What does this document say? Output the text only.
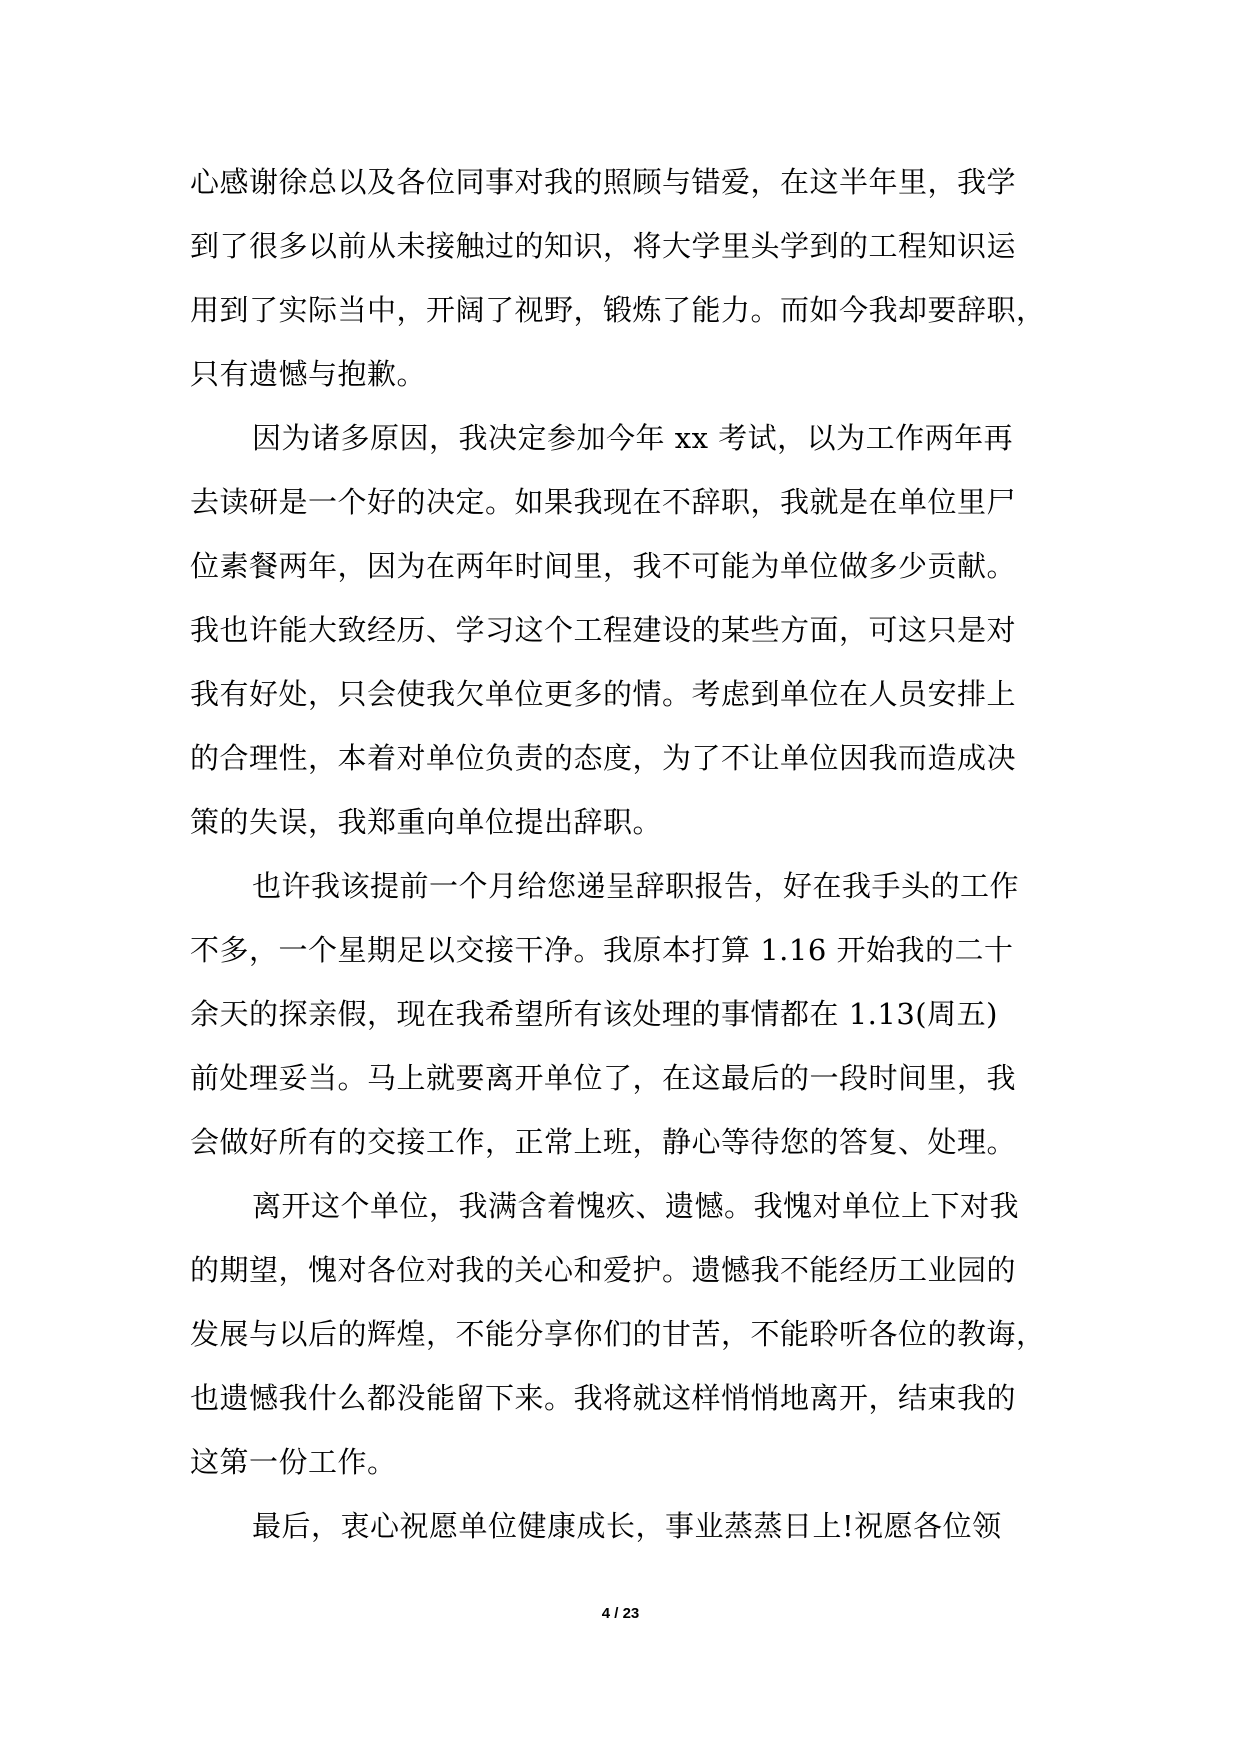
心感谢徐总以及各位同事对我的照顾与错爱，在这半年里，我学
到了很多以前从未接触过的知识，将大学里头学到的工程知识运
用到了实际当中，开阔了视野，锻炼了能力。而如今我却要辞职，
只有遗憾与抱歉。
因为诸多原因，我决定参加今年 xx 考试，以为工作两年再
去读研是一个好的决定。如果我现在不辞职，我就是在单位里尸
位素餐两年，因为在两年时间里，我不可能为单位做多少贡献。
我也许能大致经历、学习这个工程建设的某些方面，可这只是对
我有好处，只会使我欠单位更多的情。考虑到单位在人员安排上
的合理性，本着对单位负责的态度，为了不让单位因我而造成决
策的失误，我郑重向单位提出辞职。
也许我该提前一个月给您递呈辞职报告，好在我手头的工作
不多，一个星期足以交接干净。我原本打算 1.16 开始我的二十
余天的探亲假，现在我希望所有该处理的事情都在 1.13(周五)
前处理妥当。马上就要离开单位了，在这最后的一段时间里，我
会做好所有的交接工作，正常上班，静心等待您的答复、处理。
离开这个单位，我满含着愧疚、遗憾。我愧对单位上下对我
的期望，愧对各位对我的关心和爱护。遗憾我不能经历工业园的
发展与以后的辉煌，不能分享你们的甘苦，不能聆听各位的教诲，
也遗憾我什么都没能留下来。我将就这样悄悄地离开，结束我的
这第一份工作。
最后，衷心祝愿单位健康成长，事业蒸蒸日上!祝愿各位领
4 / 23
